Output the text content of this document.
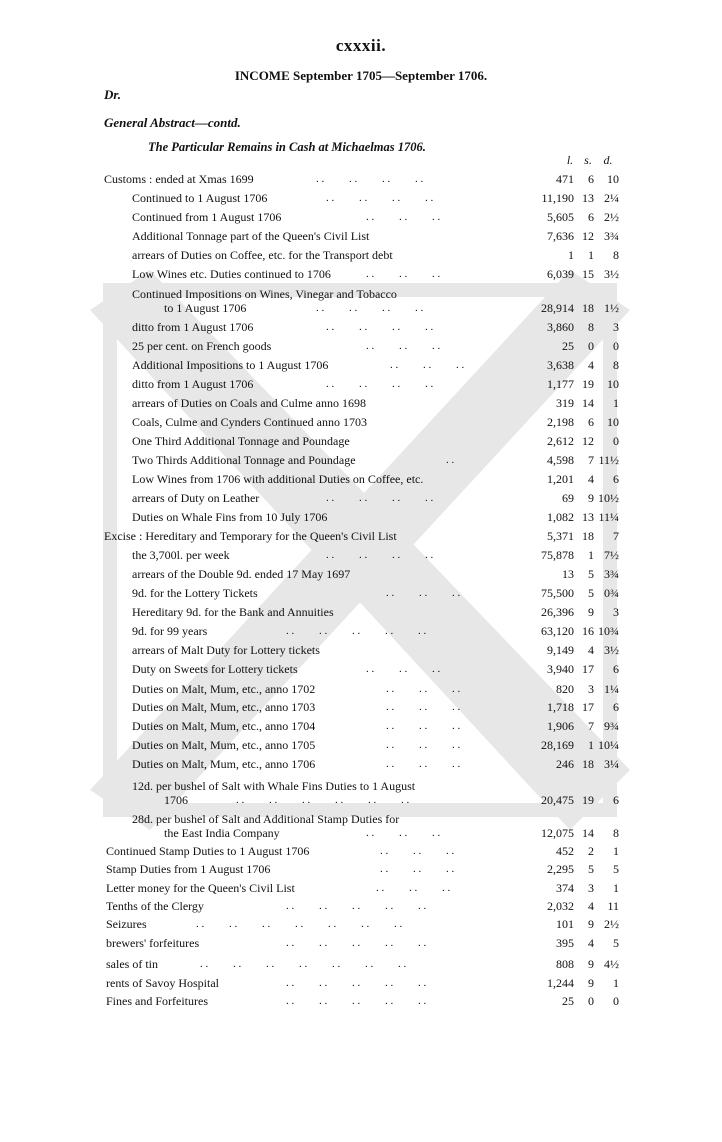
cxxxii.
INCOME September 1705—September 1706.
Dr.
General Abstract—contd.
The Particular Remains in Cash at Michaelmas 1706.
l. s. d.
Customs : ended at Xmas 1699	. .         . .         . .         . .	471	6	10
Continued to 1 August 1706	. .         . .         . .         . .	11,190 13 2¼
Continued from 1 August 1706	. .         . .         . .	5,605	6 2½
Additional Tonnage part of the Queen's Civil List	7,636 12 3¾
arrears of Duties on Coffee, etc. for the Transport debt	1	1	8
Low Wines etc. Duties continued to 1706	. .         . .         . .	6,039 15 3½
Continued Impositions on Wines, Vinegar and Tobacco
to 1 August 1706	. .         . .         . .         . .	28,914 18 1½
ditto from 1 August 1706	. .         . .         . .         . .	3,860	8	3
25 per cent. on French goods	. .         . .         . .	25	0	0
Additional Impositions to 1 August 1706	. .         . .         . .	3,638	4	8
ditto from 1 August 1706	. .         . .         . .         . .	1,177 19	10
arrears of Duties on Coals and Culme anno 1698	319 14	1
Coals, Culme and Cynders Continued anno 1703	2,198	6	10
One Third Additional Tonnage and Poundage	2,612 12	0
Two Thirds Additional Tonnage and Poundage	. .	4,598	7 11½
Low Wines from 1706 with additional Duties on Coffee, etc.	1,201	4	6
arrears of Duty on Leather	. .         . .         . .         . .	69	9 10½
Duties on Whale Fins from 10 July 1706	1,082 13 11¼
Excise : Hereditary and Temporary for the Queen's Civil List	5,371 18	7
the 3,700l. per week	. .         . .         . .         . .	75,878	1 7½
arrears of the Double 9d. ended 17 May 1697	13	5 3¾
9d. for the Lottery Tickets	. .         . .         . .	75,500	5 0¾
Hereditary 9d. for the Bank and Annuities	26,396	9	3
9d. for 99 years	. .         . .         . .         . .         . .	63,120 16 10¾
arrears of Malt Duty for Lottery tickets	9,149	4 3½
Duty on Sweets for Lottery tickets	. .         . .         . .	3,940 17	6
Duties on Malt, Mum, etc., anno 1702	. .         . .         . .	820	3 1¼
Duties on Malt, Mum, etc., anno 1703	. .         . .         . .	1,718 17	6
Duties on Malt, Mum, etc., anno 1704	. .         . .         . .	1,906	7 9¾
Duties on Malt, Mum, etc., anno 1705	. .         . .         . .	28,169	1 10¼
Duties on Malt, Mum, etc., anno 1706	. .         . .         . .	246 18 3¼
12d. per bushel of Salt with Whale Fins Duties to 1 August
1706	. .         . .         . .         . .         . .         . .	20,475 19	6
28d. per bushel of Salt and Additional Stamp Duties for
the East India Company	. .         . .         . .	12,075 14	8
Continued Stamp Duties to 1 August 1706	. .         . .         . .	452	2	1
Stamp Duties from 1 August 1706	. .         . .         . .	2,295	5	5
Letter money for the Queen's Civil List	. .         . .         . .	374	3	1
Tenths of the Clergy	. .         . .         . .         . .         . .	2,032	4	11
Seizures	. .         . .         . .         . .         . .         . .         . .	101	9 2½
brewers' forfeitures	. .         . .         . .         . .         . .	395	4	5
sales of tin	. .         . .         . .         . .         . .         . .         . .	808	9 4½
rents of Savoy Hospital	. .         . .         . .         . .         . .	1,244	9	1
Fines and Forfeitures	. .         . .         . .         . .         . .	25	0	0
